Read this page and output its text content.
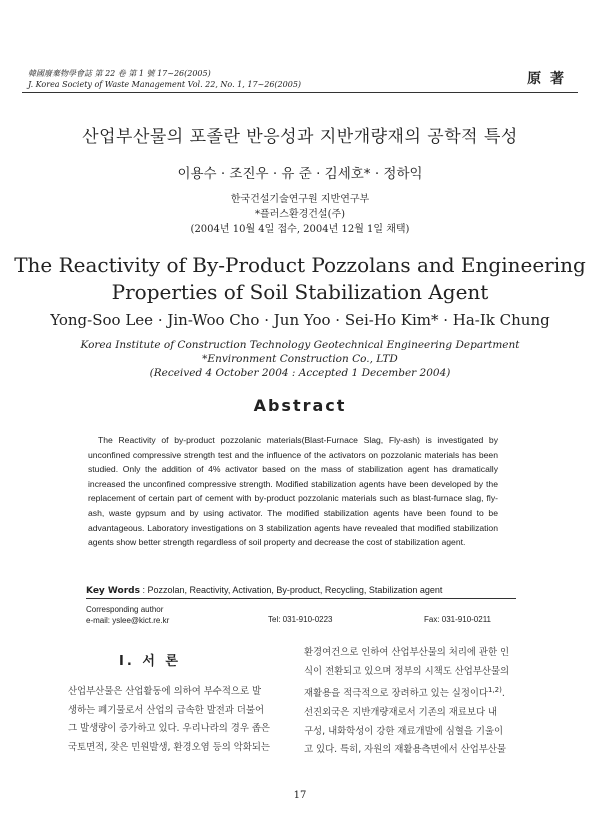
韓國廢棄物學會誌 第 22 卷 第 1 號 17~26(2005)
J. Korea Society of Waste Management Vol. 22, No. 1, 17~26(2005)	原 著
산업부산물의 포졸란 반응성과 지반개량재의 공학적 특성
이용수 · 조진우 · 유 준 · 김세호* · 정하익
한국건설기술연구원 지반연구부
*플러스환경건설(주)
(2004년 10월 4일 접수, 2004년 12월 1일 채택)
The Reactivity of By-Product Pozzolans and Engineering
Properties of Soil Stabilization Agent
Yong-Soo Lee · Jin-Woo Cho · Jun Yoo · Sei-Ho Kim* · Ha-Ik Chung
Korea Institute of Construction Technology Geotechnical Engineering Department
*Environment Construction Co., LTD
(Received 4 October 2004 : Accepted 1 December 2004)
Abstract
The Reactivity of by-product pozzolanic materials(Blast-Furnace Slag, Fly-ash) is investigated by unconfined compressive strength test and the influence of the activators on pozzolanic materials has been studied. Only the addition of 4% activator based on the mass of stabilization agent has dramatically increased the unconfined compressive strength. Modified stabilization agents have been developed by the replacement of certain part of cement with by-product pozzolanic materials such as blast-furnace slag, fly-ash, waste gypsum and by using activator. The modified stabilization agents have been found to be advantageous. Laboratory investigations on 3 stabilization agents have revealed that modified stabilization agents show better strength regardless of soil property and decrease the cost of stabilization agent.
Key Words : Pozzolan, Reactivity, Activation, By-product, Recycling, Stabilization agent
Corresponding author
e-mail: yslee@kict.re.kr	Tel: 031-910-0223	Fax: 031-910-0211
I. 서 론
산업부산물은 산업활동에 의하여 부수적으로 발
생하는 폐기물로서 산업의 급속한 발전과 더불어
그 발생량이 증가하고 있다. 우리나라의 경우 좁은
국토면적, 잦은 민원발생, 환경오염 등의 악화되는
환경여건으로 인하여 산업부산물의 처리에 관한 인
식이 전환되고 있으며 정부의 시책도 산업부산물의
재활용을 적극적으로 장려하고 있는 실정이다$^{1,2)}$.
선진외국은 지반개량재로서 기존의 재료보다 내
구성, 내화학성이 강한 재료개발에 심혈을 기울이
고 있다. 특히, 자원의 재활용측면에서 산업부산물
17
